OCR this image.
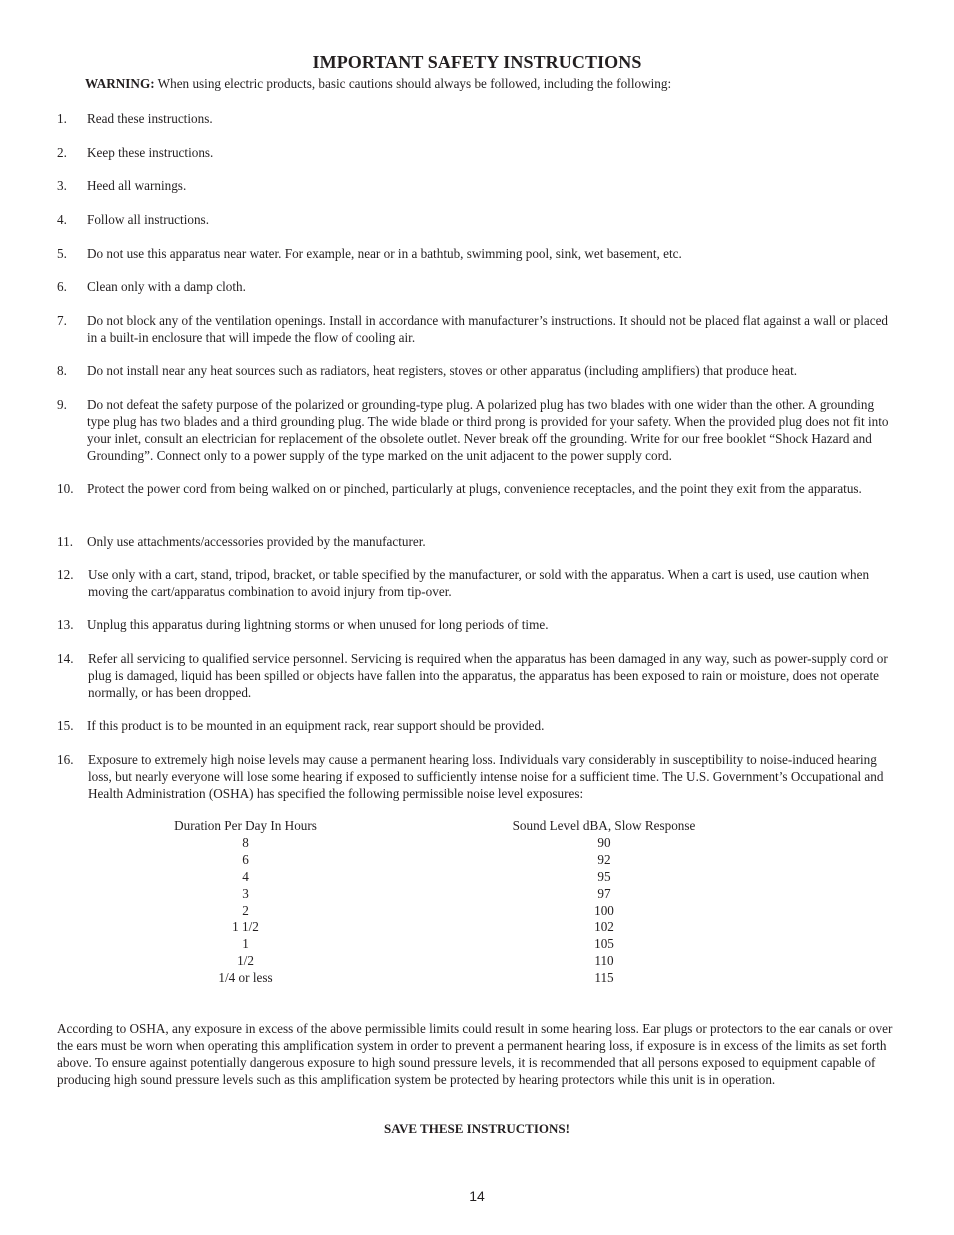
IMPORTANT SAFETY INSTRUCTIONS
WARNING: When using electric products, basic cautions should always be followed, including the following:
1. Read these instructions.
2. Keep these instructions.
3. Heed all warnings.
4. Follow all instructions.
5. Do not use this apparatus near water. For example, near or in a bathtub, swimming pool, sink, wet basement, etc.
6. Clean only with a damp cloth.
7. Do not block any of the ventilation openings. Install in accordance with manufacturer’s instructions. It should not be placed flat against a wall or placed in a built-in enclosure that will impede the flow of cooling air.
8. Do not install near any heat sources such as radiators, heat registers, stoves or other apparatus (including amplifiers) that produce heat.
9. Do not defeat the safety purpose of the polarized or grounding-type plug. A polarized plug has two blades with one wider than the other. A grounding type plug has two blades and a third grounding plug. The wide blade or third prong is provided for your safety. When the provided plug does not fit into your inlet, consult an electrician for replacement of the obsolete outlet. Never break off the grounding. Write for our free booklet “Shock Hazard and Grounding”. Connect only to a power supply of the type marked on the unit adjacent to the power supply cord.
10. Protect the power cord from being walked on or pinched, particularly at plugs, convenience receptacles, and the point they exit from the apparatus.
11. Only use attachments/accessories provided by the manufacturer.
12. Use only with a cart, stand, tripod, bracket, or table specified by the manufacturer, or sold with the apparatus. When a cart is used, use caution when moving the cart/apparatus combination to avoid injury from tip-over.
13. Unplug this apparatus during lightning storms or when unused for long periods of time.
14. Refer all servicing to qualified service personnel. Servicing is required when the apparatus has been damaged in any way, such as power-supply cord or plug is damaged, liquid has been spilled or objects have fallen into the apparatus, the apparatus has been exposed to rain or moisture, does not operate normally, or has been dropped.
15. If this product is to be mounted in an equipment rack, rear support should be provided.
16. Exposure to extremely high noise levels may cause a permanent hearing loss. Individuals vary considerably in susceptibility to noise-induced hearing loss, but nearly everyone will lose some hearing if exposed to sufficiently intense noise for a sufficient time. The U.S. Government’s Occupational and Health Administration (OSHA) has specified the following permissible noise level exposures:
Duration Per Day In Hours
8
6
4
3
2
1 1/2
1
1/2
1/4 or less
Sound Level dBA, Slow Response
90
92
95
97
100
102
105
110
115
According to OSHA, any exposure in excess of the above permissible limits could result in some hearing loss. Ear plugs or protectors to the ear canals or over the ears must be worn when operating this amplification system in order to prevent a permanent hearing loss, if exposure is in excess of the limits as set forth above. To ensure against potentially dangerous exposure to high sound pressure levels, it is recommended that all persons exposed to equipment capable of producing high sound pressure levels such as this amplification system be protected by hearing protectors while this unit is in operation.
SAVE THESE INSTRUCTIONS!
14
